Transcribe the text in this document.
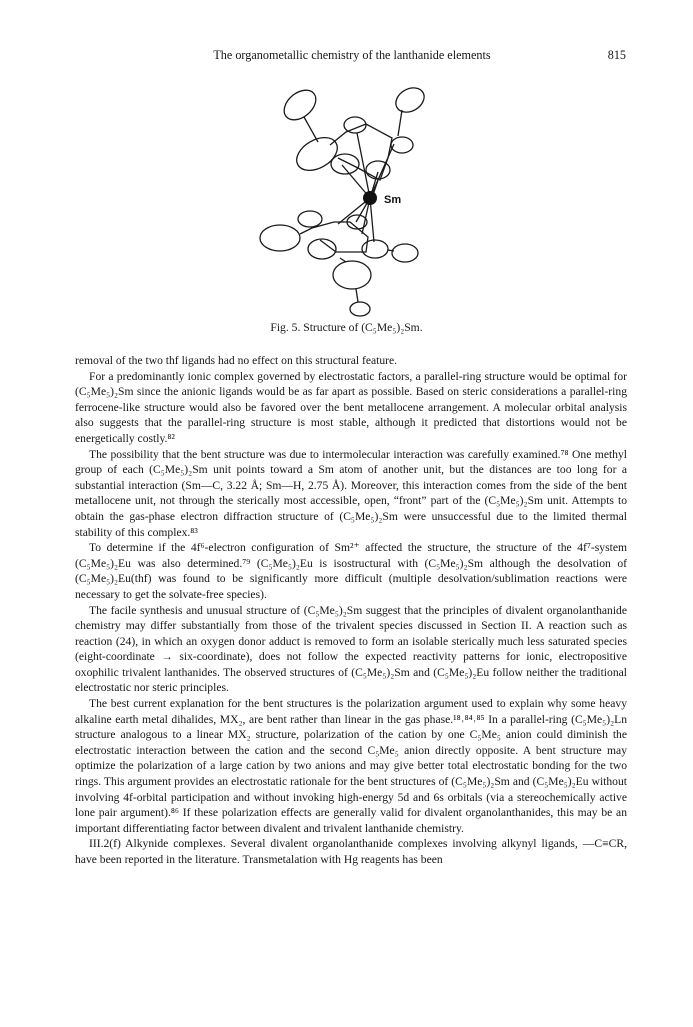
The organometallic chemistry of the lanthanide elements	815
Sm
Fig. 5. Structure of (C₅Me₅)₂Sm.

removal of the two thf ligands had no effect on this structural feature.

For a predominantly ionic complex governed by electrostatic factors, a parallel-ring structure would be optimal for (C₅Me₅)₂Sm since the anionic ligands would be as far apart as possible. Based on steric considerations a parallel-ring ferrocene-like structure would also be favored over the bent metallocene arrangement. A molecular orbital analysis also suggests that the parallel-ring structure is most stable, although it predicted that distortions would not be energetically costly.⁸²

The possibility that the bent structure was due to intermolecular interaction was carefully examined.⁷⁸ One methyl group of each (C₅Me₅)₂Sm unit points toward a Sm atom of another unit, but the distances are too long for a substantial interaction (Sm—C, 3.22 Å; Sm—H, 2.75 Å). Moreover, this interaction comes from the side of the bent metallocene unit, not through the sterically most accessible, open, “front” part of the (C₅Me₅)₂Sm unit. Attempts to obtain the gas-phase electron diffraction structure of (C₅Me₅)₂Sm were unsuccessful due to the limited thermal stability of this complex.⁸³

To determine if the 4f⁶-electron configuration of Sm²⁺ affected the structure, the structure of the 4f⁷-system (C₅Me₅)₂Eu was also determined.⁷⁹ (C₅Me₅)₂Eu is isostructural with (C₅Me₅)₂Sm although the desolvation of (C₅Me₅)₂Eu(thf) was found to be significantly more difficult (multiple desolvation/sublimation reactions were necessary to get the solvate-free species).

The facile synthesis and unusual structure of (C₅Me₅)₂Sm suggest that the principles of divalent organolanthanide chemistry may differ substantially from those of the trivalent species discussed in Section II. A reaction such as reaction (24), in which an oxygen donor adduct is removed to form an isolable sterically much less saturated species (eight-coordinate → six-coordinate), does not follow the expected reactivity patterns for ionic, electropositive oxophilic trivalent lanthanides. The observed structures of (C₅Me₅)₂Sm and (C₅Me₅)₂Eu follow neither the traditional electrostatic nor steric principles.

The best current explanation for the bent structures is the polarization argument used to explain why some heavy alkaline earth metal dihalides, MX₂, are bent rather than linear in the gas phase.¹⁸˒⁸⁴˒⁸⁵ In a parallel-ring (C₅Me₅)₂Ln structure analogous to a linear MX₂ structure, polarization of the cation by one C₅Me₅ anion could diminish the electrostatic interaction between the cation and the second C₅Me₅ anion directly opposite. A bent structure may optimize the polarization of a large cation by two anions and may give better total electrostatic bonding for the two rings. This argument provides an electrostatic rationale for the bent structures of (C₅Me₅)₂Sm and (C₅Me₅)₂Eu without involving 4f-orbital participation and without invoking high-energy 5d and 6s orbitals (via a stereochemically active lone pair argument).⁸⁶ If these polarization effects are generally valid for divalent organolanthanides, this may be an important differentiating factor between divalent and trivalent lanthanide chemistry.

III.2(f) Alkynide complexes. Several divalent organolanthanide complexes involving alkynyl ligands, —C≡CR, have been reported in the literature. Transmetalation with Hg reagents has been
